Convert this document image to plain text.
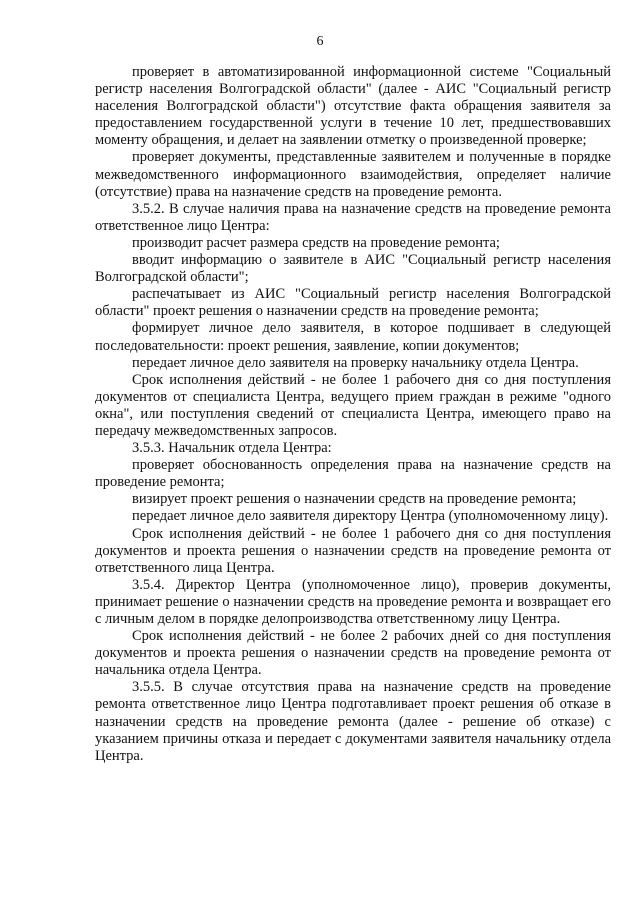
6

проверяет в автоматизированной информационной системе "Социальный регистр населения Волгоградской области" (далее - АИС "Социальный регистр населения Волгоградской области") отсутствие факта обращения заявителя за предоставлением государственной услуги в течение 10 лет, предшествовавших моменту обращения, и делает на заявлении отметку о произведенной проверке;

проверяет документы, представленные заявителем и полученные в порядке межведомственного информационного взаимодействия, определяет наличие (отсутствие) права на назначение средств на проведение ремонта.

3.5.2. В случае наличия права на назначение средств на проведение ремонта ответственное лицо Центра:

производит расчет размера средств на проведение ремонта;

вводит информацию о заявителе в АИС "Социальный регистр населения Волгоградской области";

распечатывает из АИС "Социальный регистр населения Волгоградской области" проект решения о назначении средств на проведение ремонта;

формирует личное дело заявителя, в которое подшивает в следующей последовательности: проект решения, заявление, копии документов;

передает личное дело заявителя на проверку начальнику отдела Центра.

Срок исполнения действий - не более 1 рабочего дня со дня поступления документов от специалиста Центра, ведущего прием граждан в режиме "одного окна", или поступления сведений от специалиста Центра, имеющего право на передачу межведомственных запросов.

3.5.3. Начальник отдела Центра:

проверяет обоснованность определения права на назначение средств на проведение ремонта;

визирует проект решения о назначении средств на проведение ремонта;

передает личное дело заявителя директору Центра (уполномоченному лицу).

Срок исполнения действий - не более 1 рабочего дня со дня поступления документов и проекта решения о назначении средств на проведение ремонта от ответственного лица Центра.

3.5.4. Директор Центра (уполномоченное лицо), проверив документы, принимает решение о назначении средств на проведение ремонта и возвращает его с личным делом в порядке делопроизводства ответственному лицу Центра.

Срок исполнения действий - не более 2 рабочих дней со дня поступления документов и проекта решения о назначении средств на проведение ремонта от начальника отдела Центра.

3.5.5. В случае отсутствия права на назначение средств на проведение ремонта ответственное лицо Центра подготавливает проект решения об отказе в назначении средств на проведение ремонта (далее - решение об отказе) с указанием причины отказа и передает с документами заявителя начальнику отдела Центра.
